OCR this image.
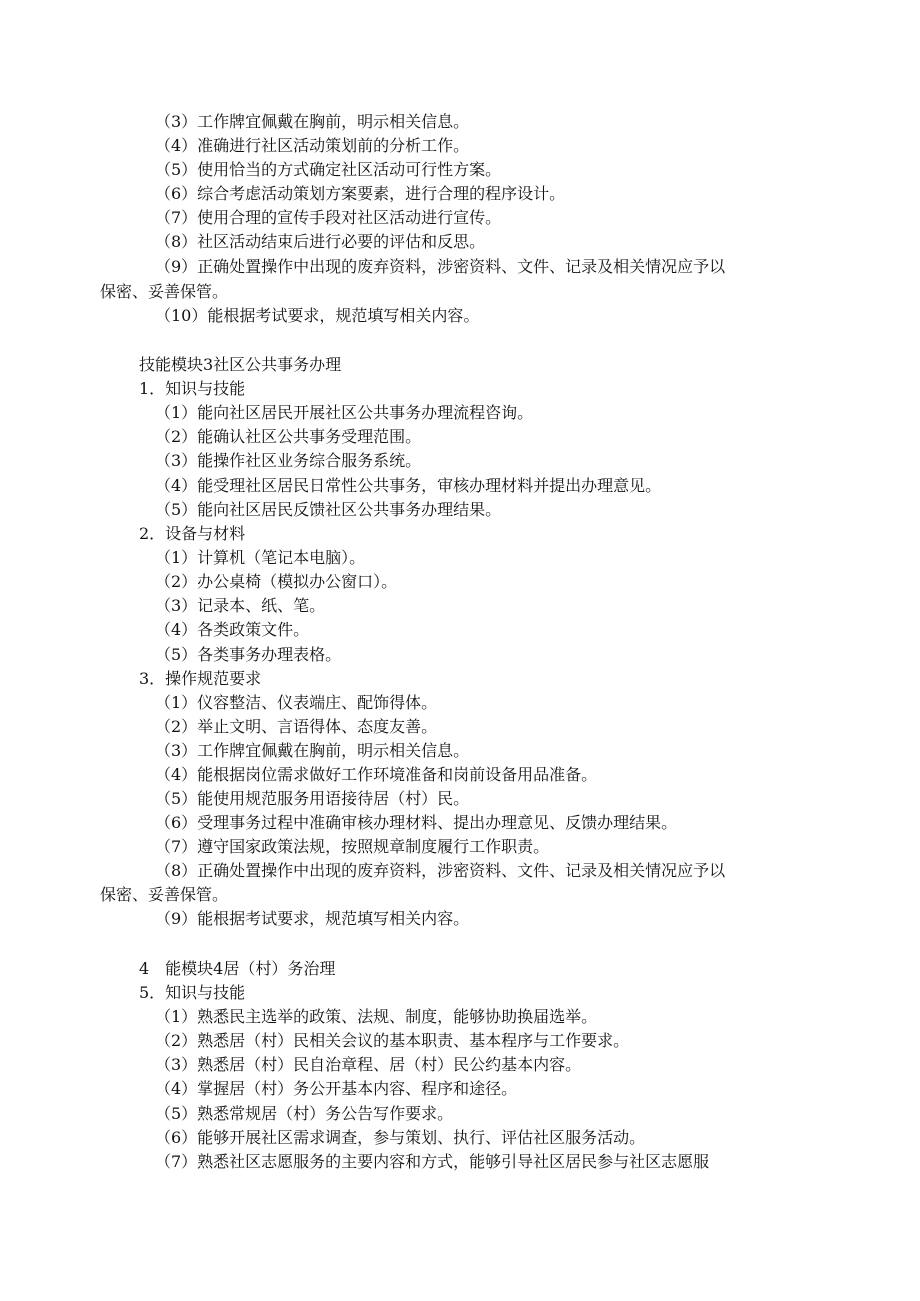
（3）工作牌宜佩戴在胸前，明示相关信息。
（4）准确进行社区活动策划前的分析工作。
（5）使用恰当的方式确定社区活动可行性方案。
（6）综合考虑活动策划方案要素，进行合理的程序设计。
（7）使用合理的宣传手段对社区活动进行宣传。
（8）社区活动结束后进行必要的评估和反思。
（9）正确处置操作中出现的废弃资料，涉密资料、文件、记录及相关情况应予以
保密、妥善保管。
（10）能根据考试要求，规范填写相关内容。
技能模块3社区公共事务办理
1．知识与技能
（1）能向社区居民开展社区公共事务办理流程咨询。
（2）能确认社区公共事务受理范围。
（3）能操作社区业务综合服务系统。
（4）能受理社区居民日常性公共事务，审核办理材料并提出办理意见。
（5）能向社区居民反馈社区公共事务办理结果。
2．设备与材料
（1）计算机（笔记本电脑）。
（2）办公桌椅（模拟办公窗口）。
（3）记录本、纸、笔。
（4）各类政策文件。
（5）各类事务办理表格。
3．操作规范要求
（1）仪容整洁、仪表端庄、配饰得体。
（2）举止文明、言语得体、态度友善。
（3）工作牌宜佩戴在胸前，明示相关信息。
（4）能根据岗位需求做好工作环境准备和岗前设备用品准备。
（5）能使用规范服务用语接待居（村）民。
（6）受理事务过程中准确审核办理材料、提出办理意见、反馈办理结果。
（7）遵守国家政策法规，按照规章制度履行工作职责。
（8）正确处置操作中出现的废弃资料，涉密资料、文件、记录及相关情况应予以
保密、妥善保管。
（9）能根据考试要求，规范填写相关内容。
4　能模块4居（村）务治理
5．知识与技能
（1）熟悉民主选举的政策、法规、制度，能够协助换届选举。
（2）熟悉居（村）民相关会议的基本职责、基本程序与工作要求。
（3）熟悉居（村）民自治章程、居（村）民公约基本内容。
（4）掌握居（村）务公开基本内容、程序和途径。
（5）熟悉常规居（村）务公告写作要求。
（6）能够开展社区需求调查，参与策划、执行、评估社区服务活动。
（7）熟悉社区志愿服务的主要内容和方式，能够引导社区居民参与社区志愿服
